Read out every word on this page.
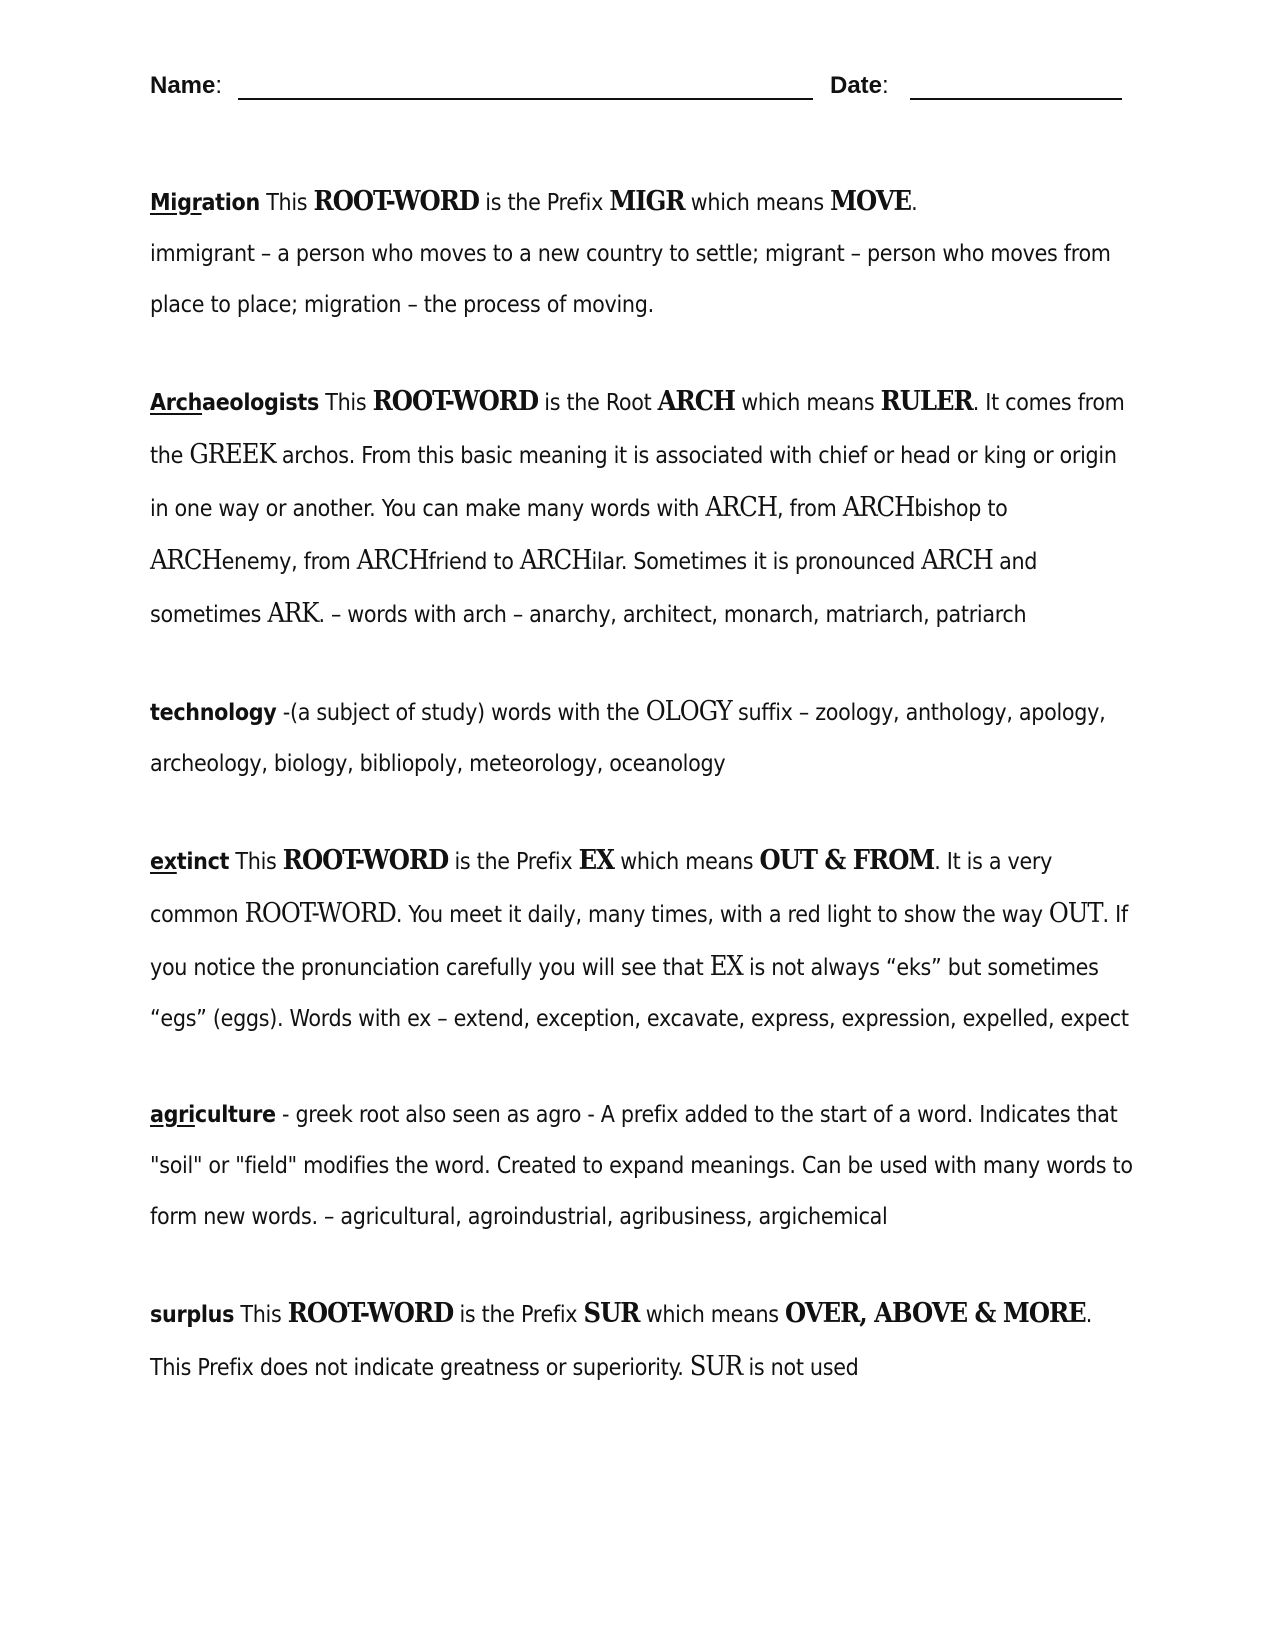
Name:	Date:

Migration This ROOT-WORD is the Prefix MIGR which means MOVE.
immigrant – a person who moves to a new country to settle; migrant – person who moves from place to place; migration – the process of moving.

Archaeologists This ROOT-WORD is the Root ARCH which means RULER. It comes from the GREEK archos. From this basic meaning it is associated with chief or head or king or origin in one way or another. You can make many words with ARCH, from ARCHbishop to ARCHenemy, from ARCHfriend to ARCHilar. Sometimes it is pronounced ARCH and sometimes ARK. – words with arch – anarchy, architect, monarch, matriarch, patriarch

technology -(a subject of study) words with the OLOGY suffix – zoology, anthology, apology, archeology, biology, bibliopoly, meteorology, oceanology

extinct This ROOT-WORD is the Prefix EX which means OUT & FROM. It is a very common ROOT-WORD. You meet it daily, many times, with a red light to show the way OUT. If you notice the pronunciation carefully you will see that EX is not always “eks” but sometimes “egs” (eggs). Words with ex – extend, exception, excavate, express, expression, expelled, expect

agriculture - greek root also seen as agro - A prefix added to the start of a word. Indicates that "soil" or "field" modifies the word. Created to expand meanings. Can be used with many words to form new words. – agricultural, agroindustrial, agribusiness, argichemical

surplus This ROOT-WORD is the Prefix SUR which means OVER, ABOVE & MORE. This Prefix does not indicate greatness or superiority. SUR is not used
